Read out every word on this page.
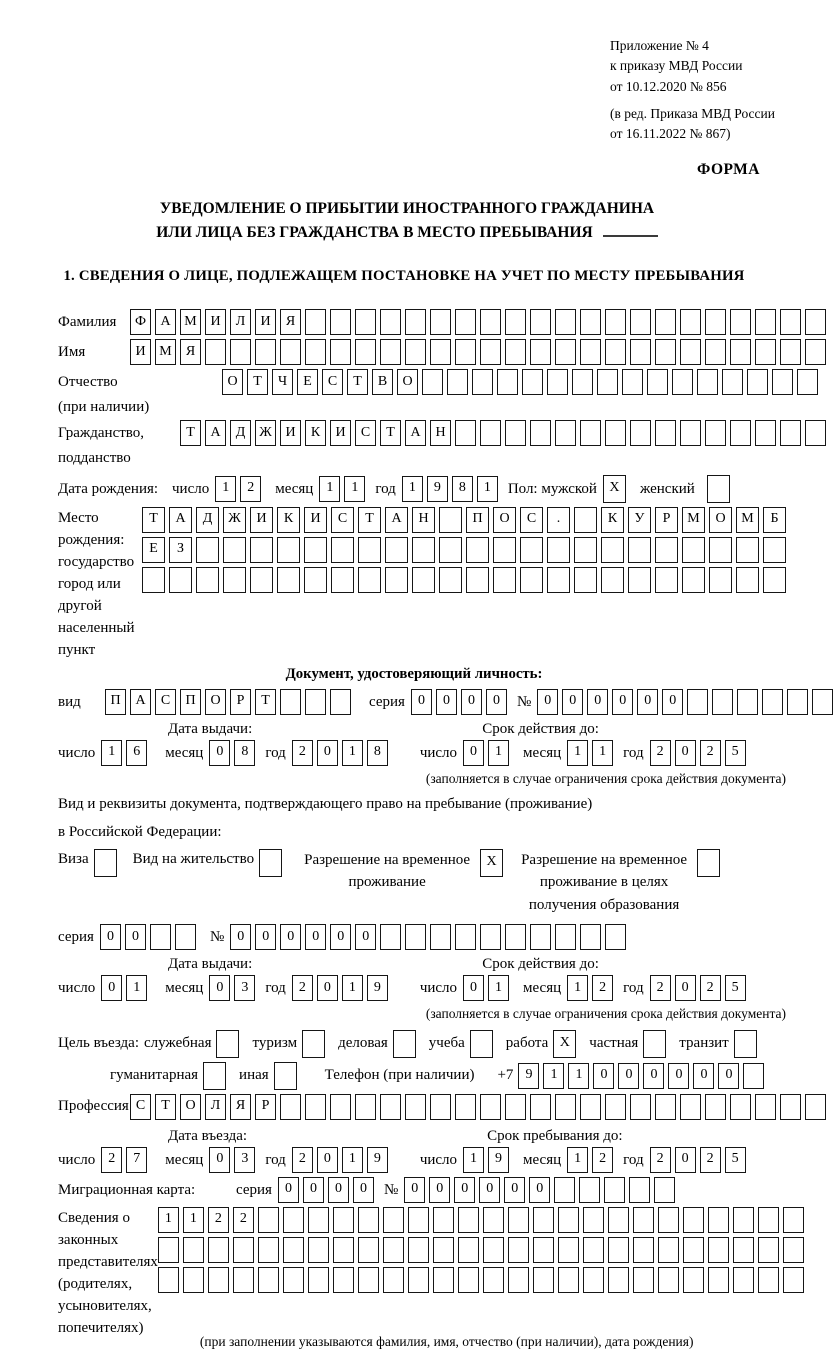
Приложение № 4
к приказу МВД России
от 10.12.2020 № 856
(в ред. Приказа МВД России
от 16.11.2022 № 867)
ФОРМА
УВЕДОМЛЕНИЕ О ПРИБЫТИИ ИНОСТРАННОГО ГРАЖДАНИНА
ИЛИ ЛИЦА БЕЗ ГРАЖДАНСТВА В МЕСТО ПРЕБЫВАНИЯ
1. СВЕДЕНИЯ О ЛИЦЕ, ПОДЛЕЖАЩЕМ ПОСТАНОВКЕ НА УЧЕТ ПО МЕСТУ ПРЕБЫВАНИЯ
Фамилия	Ф	А М И	Л	И	Я
Имя	И М	Я
Отчество	О	Т	Ч	Е	С	Т	В	О
(при наличии)
Гражданство,	Т	А	Д Ж И	К	И	С	Т	А	Н
подданство
Дата рождения: число 1	2	месяц 1	1	год 1	9	8	1	Пол: мужской X	женский
Место рождения:
государство
город или другой
населенный пункт
Т	А	Д	Ж	И	К	И	С	Т	А	Н	П	О	С	.	К	У	Р	М	О	М	Б
Е	З
Документ, удостоверяющий личность:
вид	П	А	С	П	О	Р	Т	серия 0	0	0	0	№ 0	0	0	0	0	0
Дата выдачи:	Срок действия до:
число 1	6	месяц 0	8	год 2	0	1	8	число 0	1	месяц 1	1	год 2	0	2	5
(заполняется в случае ограничения срока действия документа)
Вид и реквизиты документа, подтверждающего право на пребывание (проживание)
в Российской Федерации:
Виза	Вид на жительство	Разрешение на временное
проживание
X	Разрешение на временное
проживание в целях
получения образования
серия 0	0	№ 0	0	0	0	0	0
Дата выдачи:	Срок действия до:
число 0	1	месяц 0	3	год 2	0	1	9	число 0	1	месяц 1	2	год 2	0	2	5
(заполняется в случае ограничения срока действия документа)
Цель въезда: служебная	туризм	деловая	учеба	работа X	частная	транзит
гуманитарная	иная	Телефон (при наличии) +7 9	1	1	0	0	0	0	0	0
Профессия С	Т	О	Л	Я	Р
Дата въезда:	Срок пребывания до:
число 2	7	месяц 0	3	год 2	0	1	9	число 1	9	месяц 1	2	год 2	0	2	5
Миграционная карта:	серия 0	0	0	0	№ 0	0	0	0	0	0
Сведения о
законных
представителях
(родителях,
усыновителях,
попечителях)
1	1	2	2
(при заполнении указываются фамилия, имя, отчество (при наличии), дата рождения)
